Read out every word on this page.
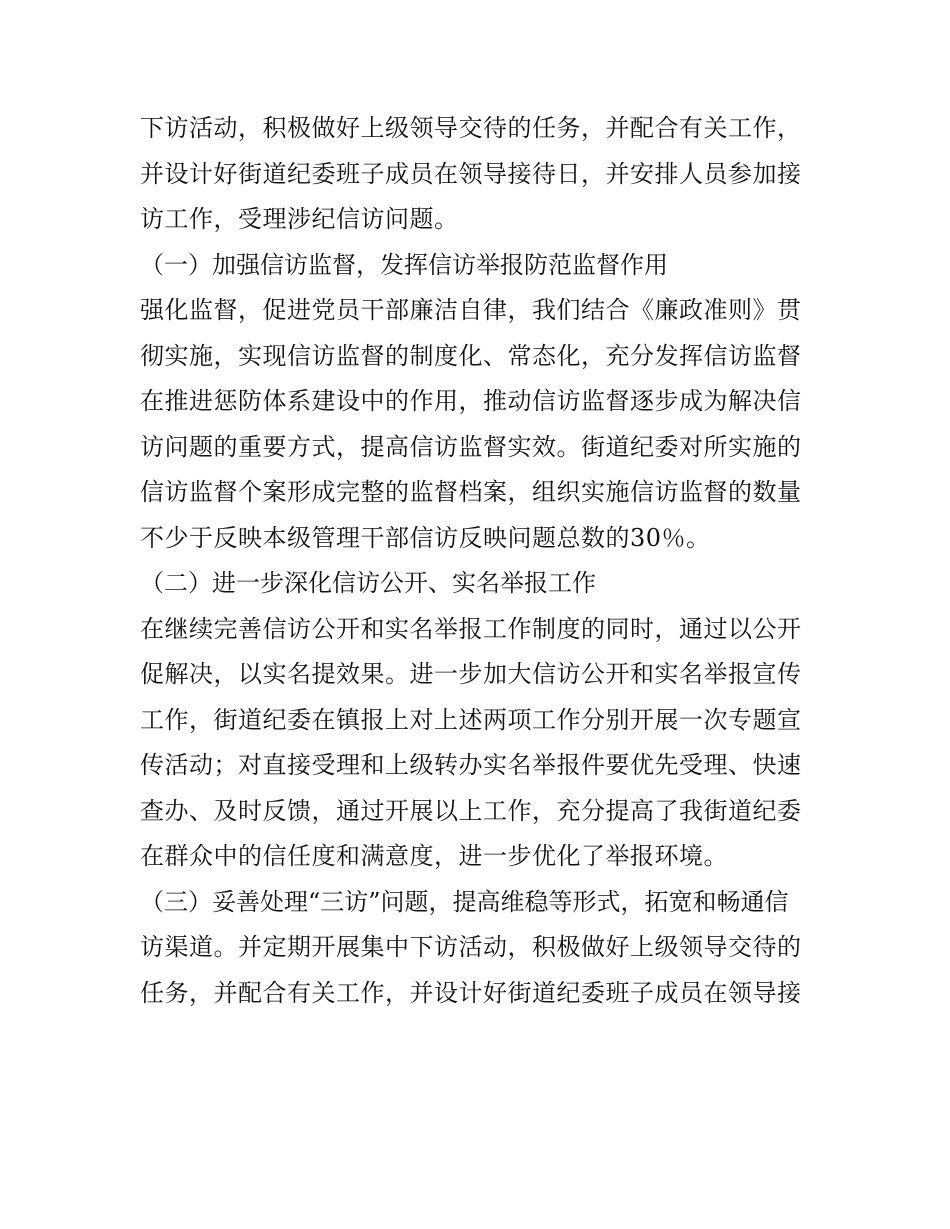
下访活动，积极做好上级领导交待的任务，并配合有关工作，
并设计好街道纪委班子成员在领导接待日，并安排人员参加接
访工作，受理涉纪信访问题。
（一）加强信访监督，发挥信访举报防范监督作用
强化监督，促进党员干部廉洁自律，我们结合《廉政准则》贯
彻实施，实现信访监督的制度化、常态化，充分发挥信访监督
在推进惩防体系建设中的作用，推动信访监督逐步成为解决信
访问题的重要方式，提高信访监督实效。街道纪委对所实施的
信访监督个案形成完整的监督档案，组织实施信访监督的数量
不少于反映本级管理干部信访反映问题总数的30％。
（二）进一步深化信访公开、实名举报工作
在继续完善信访公开和实名举报工作制度的同时，通过以公开
促解决，以实名提效果。进一步加大信访公开和实名举报宣传
工作，街道纪委在镇报上对上述两项工作分别开展一次专题宣
传活动；对直接受理和上级转办实名举报件要优先受理、快速
查办、及时反馈，通过开展以上工作，充分提高了我街道纪委
在群众中的信任度和满意度，进一步优化了举报环境。
（三）妥善处理“三访”问题，提高维稳等形式，拓宽和畅通信
访渠道。并定期开展集中下访活动，积极做好上级领导交待的
任务，并配合有关工作，并设计好街道纪委班子成员在领导接
